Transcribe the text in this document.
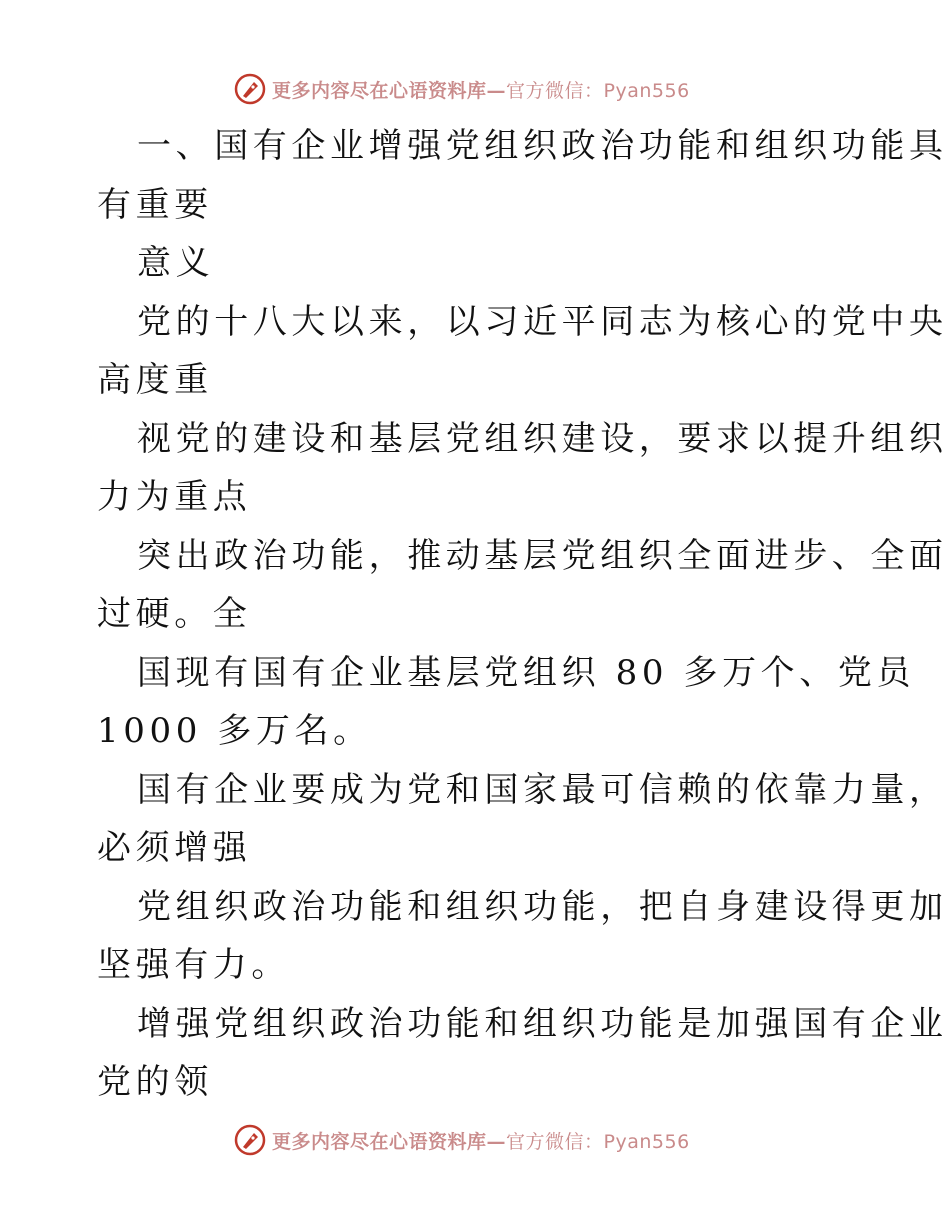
更多内容尽在心语资料库—官方微信：Pyan556
一、国有企业增强党组织政治功能和组织功能具
有重要
意义
党的十八大以来，以习近平同志为核心的党中央
高度重
视党的建设和基层党组织建设，要求以提升组织
力为重点
突出政治功能，推动基层党组织全面进步、全面
过硬。全
国现有国有企业基层党组织 80 多万个、党员
1000 多万名。
国有企业要成为党和国家最可信赖的依靠力量，
必须增强
党组织政治功能和组织功能，把自身建设得更加
坚强有力。
增强党组织政治功能和组织功能是加强国有企业
党的领
更多内容尽在心语资料库—官方微信：Pyan556
